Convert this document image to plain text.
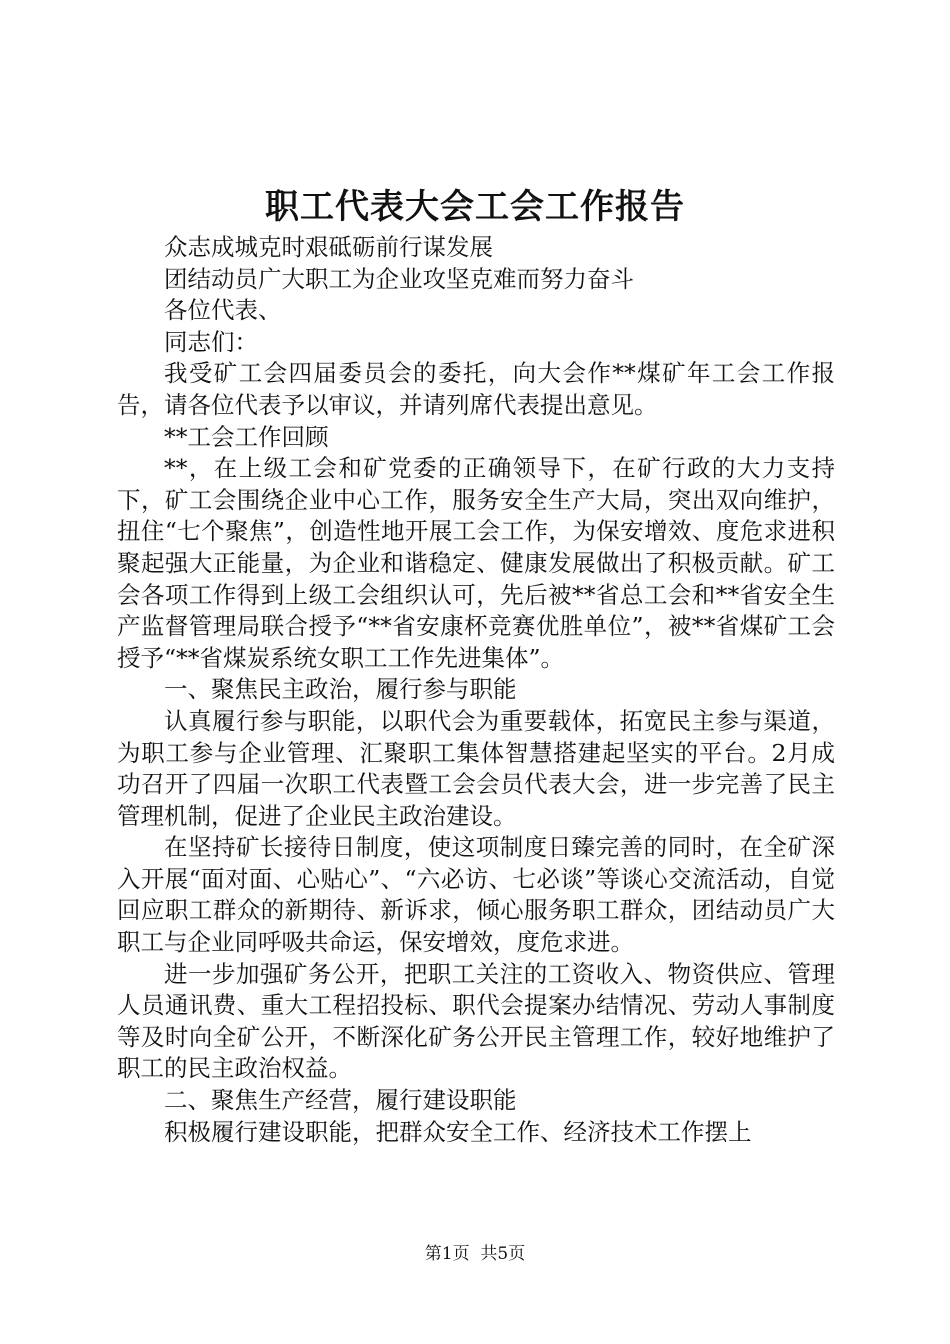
职工代表大会工会工作报告

众志成城克时艰砥砺前行谋发展

团结动员广大职工为企业攻坚克难而努力奋斗

各位代表、

同志们：

我受矿工会四届委员会的委托，向大会作**煤矿年工会工作报告，请各位代表予以审议，并请列席代表提出意见。

**工会工作回顾

**，在上级工会和矿党委的正确领导下，在矿行政的大力支持下，矿工会围绕企业中心工作，服务安全生产大局，突出双向维护，扭住“七个聚焦”，创造性地开展工会工作，为保安增效、度危求进积聚起强大正能量，为企业和谐稳定、健康发展做出了积极贡献。矿工会各项工作得到上级工会组织认可，先后被**省总工会和**省安全生产监督管理局联合授予“**省安康杯竞赛优胜单位”，被**省煤矿工会授予“**省煤炭系统女职工工作先进集体”。

一、聚焦民主政治，履行参与职能

认真履行参与职能，以职代会为重要载体，拓宽民主参与渠道，为职工参与企业管理、汇聚职工集体智慧搭建起坚实的平台。2月成功召开了四届一次职工代表暨工会会员代表大会，进一步完善了民主管理机制，促进了企业民主政治建设。

在坚持矿长接待日制度，使这项制度日臻完善的同时，在全矿深入开展“面对面、心贴心”、“六必访、七必谈”等谈心交流活动，自觉回应职工群众的新期待、新诉求，倾心服务职工群众，团结动员广大职工与企业同呼吸共命运，保安增效，度危求进。

进一步加强矿务公开，把职工关注的工资收入、物资供应、管理人员通讯费、重大工程招投标、职代会提案办结情况、劳动人事制度等及时向全矿公开，不断深化矿务公开民主管理工作，较好地维护了职工的民主政治权益。

二、聚焦生产经营，履行建设职能

积极履行建设职能，把群众安全工作、经济技术工作摆上

第1页 共5页
